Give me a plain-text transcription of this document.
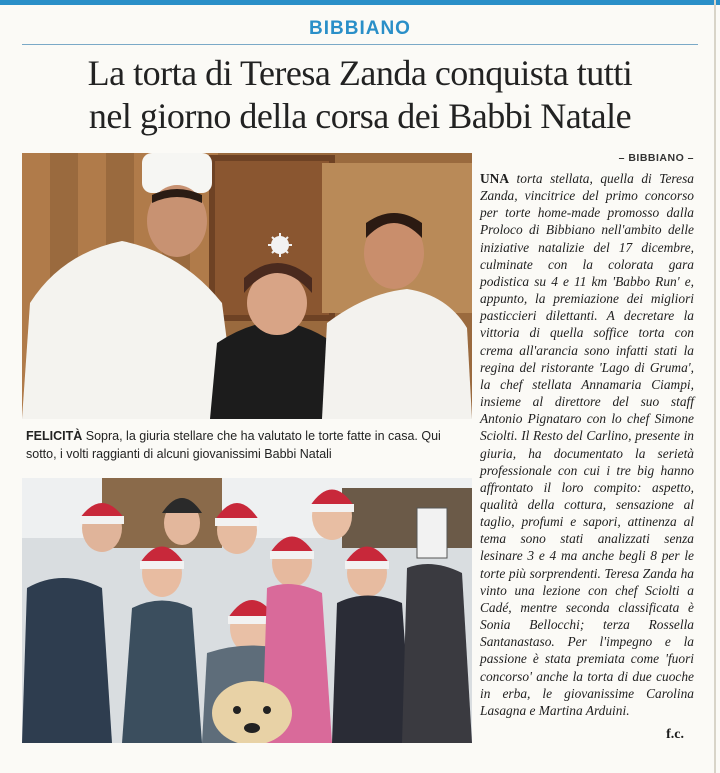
BIBBIANO
La torta di Teresa Zanda conquista tutti
nel giorno della corsa dei Babbi Natale
FELICITÀ Sopra, la giuria stellare che ha valutato le torte fatte in casa. Qui sotto, i volti raggianti di alcuni giovanissimi Babbi Natali
– BIBBIANO –
UNA torta stellata, quella di Teresa Zanda, vincitrice del primo concorso per torte home-made promosso dalla Proloco di Bibbiano nell'ambito delle iniziative natalizie del 17 dicembre, culminate con la colorata gara podistica su 4 e 11 km 'Babbo Run' e, appunto, la premiazione dei migliori pasticcieri dilettanti. A decretare la vittoria di quella soffice torta con crema all'arancia sono infatti stati la regina del ristorante 'Lago di Gruma', la chef stellata Annamaria Ciampi, insieme al direttore del suo staff Antonio Pignataro con lo chef Simone Sciolti. Il Resto del Carlino, presente in giuria, ha documentato la serietà professionale con cui i tre big hanno affrontato il loro compito: aspetto, qualità della cottura, sensazione al taglio, profumi e sapori, attinenza al tema sono stati analizzati senza lesinare 3 e 4 ma anche begli 8 per le torte più sorprendenti. Teresa Zanda ha vinto una lezione con chef Sciolti a Cadé, mentre seconda classificata è Sonia Bellocchi; terza Rossella Santanastaso. Per l'impegno e la passione è stata premiata come 'fuori concorso' anche la torta di due cuoche in erba, le giovanissime Carolina Lasagna e Martina Arduini.
f.c.
